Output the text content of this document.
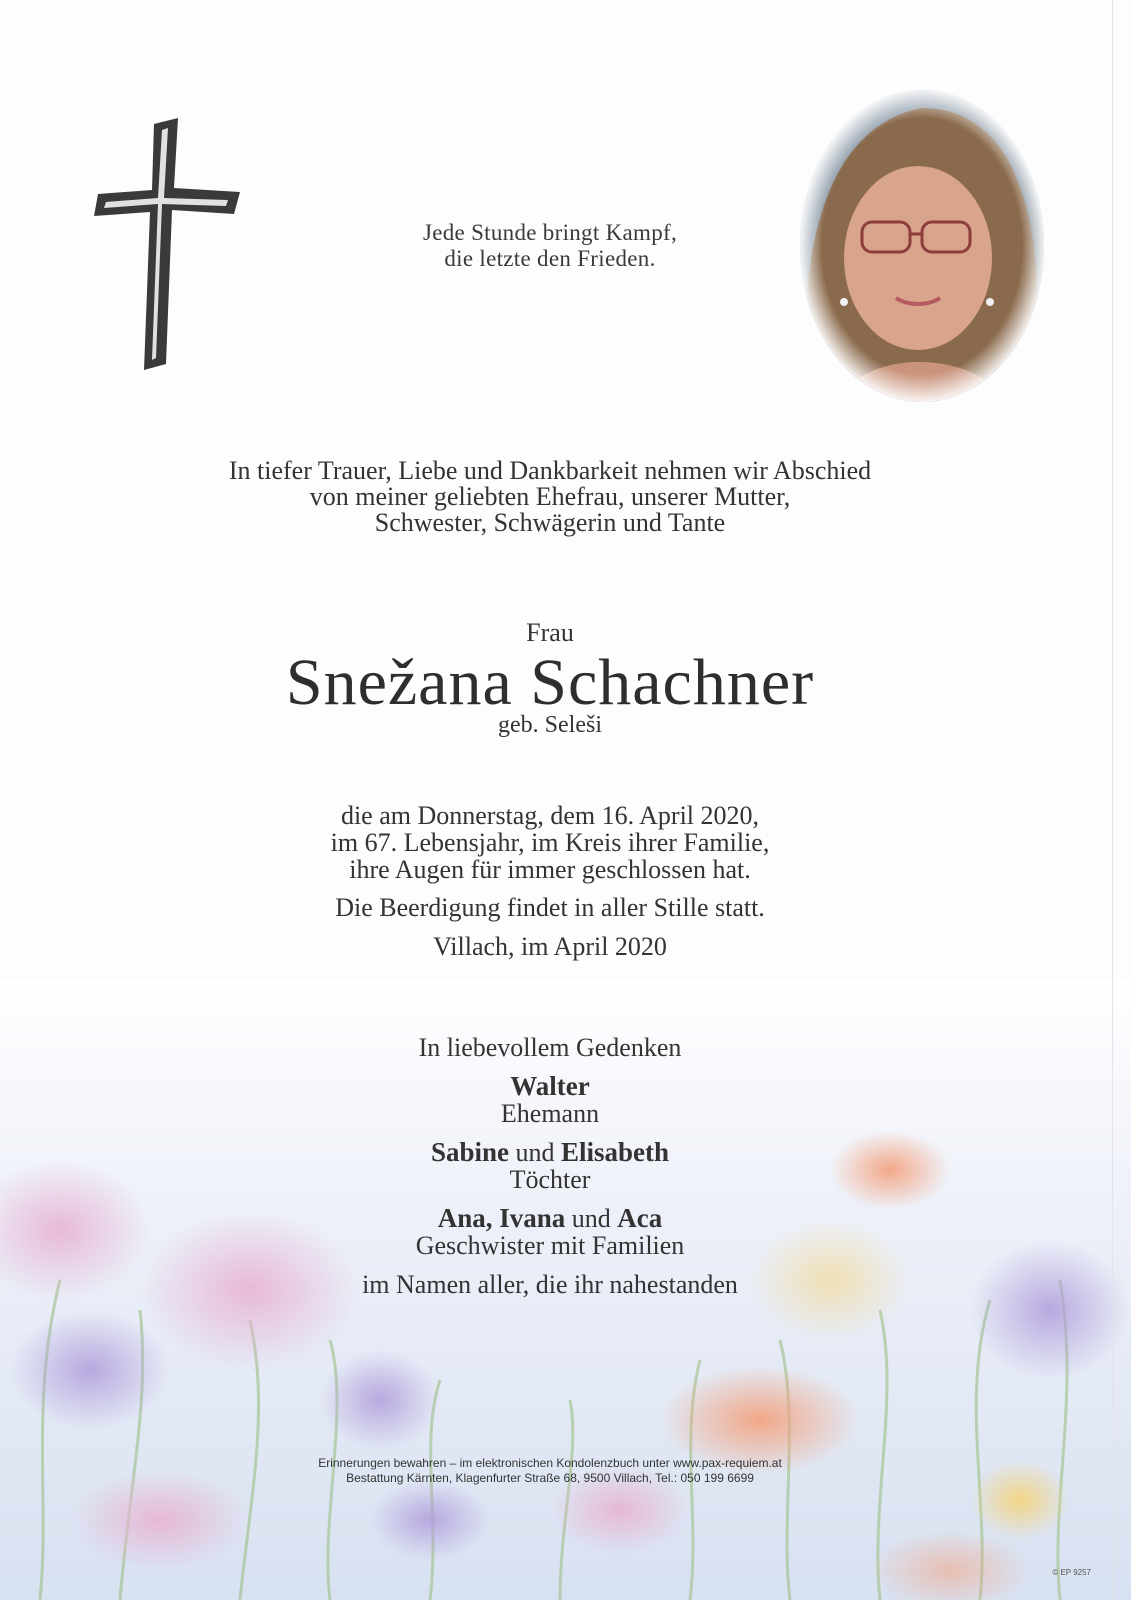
Jede Stunde bringt Kampf,

die letzte den Frieden.

In tiefer Trauer, Liebe und Dankbarkeit nehmen wir Abschied

von meiner geliebten Ehefrau, unserer Mutter,

Schwester, Schwägerin und Tante

Frau
Snežana Schachner
geb. Seleši

die am Donnerstag, dem 16. April 2020,

im 67. Lebensjahr, im Kreis ihrer Familie,

ihre Augen für immer geschlossen hat.

Die Beerdigung findet in aller Stille statt.
Villach, im April 2020
In liebevollem Gedenken
Walter
Ehemann
Sabine und Elisabeth
Töchter
Ana, Ivana und Aca
Geschwister mit Familien
im Namen aller, die ihr nahestanden

Erinnerungen bewahren – im elektronischen Kondolenzbuch unter www.pax-requiem.at

Bestattung Kärnten, Klagenfurter Straße 68, 9500 Villach, Tel.: 050 199 6699

© EP 9257
